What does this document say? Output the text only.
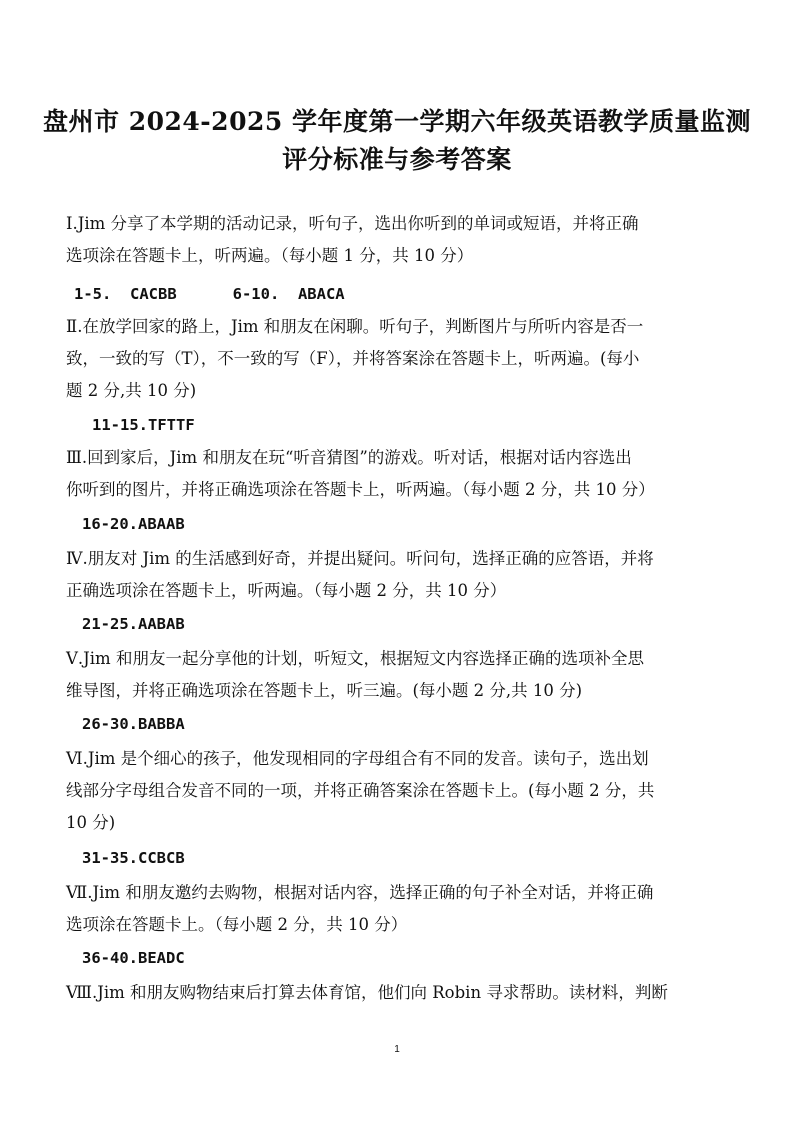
盘州市 2024-2025 学年度第一学期六年级英语教学质量监测
评分标准与参考答案
Ⅰ.Jim 分享了本学期的活动记录，听句子，选出你听到的单词或短语，并将正确
选项涂在答题卡上，听两遍。（每小题 1 分，共 10 分）
1-5.  CACBB      6-10.  ABACA
Ⅱ.在放学回家的路上，Jim 和朋友在闲聊。听句子，判断图片与所听内容是否一
致，一致的写（T），不一致的写（F），并将答案涂在答题卡上，听两遍。(每小
题 2 分,共 10 分)
11-15.TFTTF
Ⅲ.回到家后，Jim 和朋友在玩“听音猜图”的游戏。听对话，根据对话内容选出
你听到的图片，并将正确选项涂在答题卡上，听两遍。（每小题 2 分，共 10 分）
16-20.ABAAB
Ⅳ.朋友对 Jim 的生活感到好奇，并提出疑问。听问句，选择正确的应答语，并将
正确选项涂在答题卡上，听两遍。（每小题 2 分，共 10 分）
21-25.AABAB
Ⅴ.Jim 和朋友一起分享他的计划，听短文，根据短文内容选择正确的选项补全思
维导图，并将正确选项涂在答题卡上，听三遍。(每小题 2 分,共 10 分)
26-30.BABBA
Ⅵ.Jim 是个细心的孩子，他发现相同的字母组合有不同的发音。读句子，选出划
线部分字母组合发音不同的一项，并将正确答案涂在答题卡上。(每小题 2 分，共
10 分)
31-35.CCBCB
Ⅶ.Jim 和朋友邀约去购物，根据对话内容，选择正确的句子补全对话，并将正确
选项涂在答题卡上。（每小题 2 分，共 10 分）
36-40.BEADC
Ⅷ.Jim 和朋友购物结束后打算去体育馆，他们向 Robin 寻求帮助。读材料，判断
1
